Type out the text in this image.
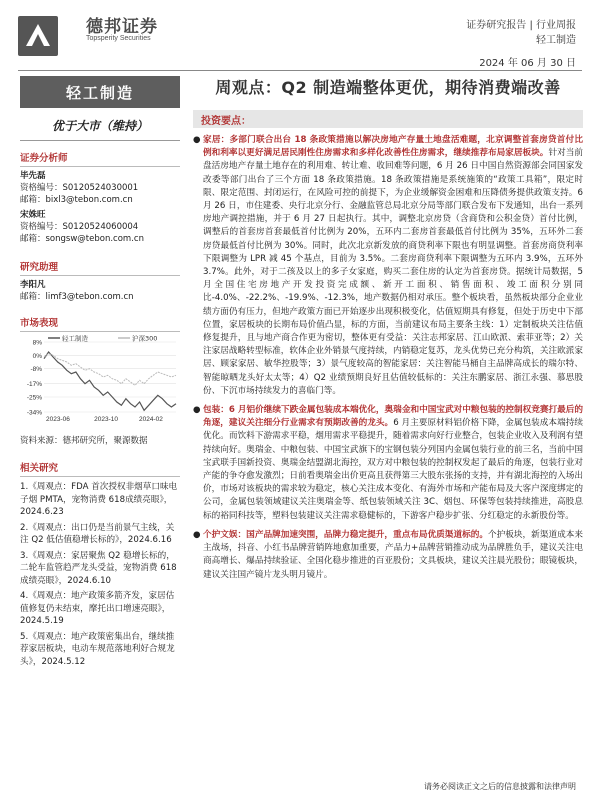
德邦证券
Topsperity Securities
证券研究报告 | 行业周报
轻工制造
2024 年 06 月 30 日
轻工制造
优于大市（维持）
证券分析师
毕先磊
资格编号：S0120524030001
邮箱：bixl3@tebon.com.cn
宋姝旺
资格编号：S0120524060004
邮箱：songsw@tebon.com.cn
研究助理
李阳凡
邮箱：limf3@tebon.com.cn
市场表现
8%
0%
-8%
-17%
-25%
-34%
2023-06	2023-10	2024-02
轻工制造	沪深300
资料来源：德邦研究所，聚源数据
相关研究
1.《周观点：FDA 首次授权非烟草口味电子烟 PMTA，宠物消费 618成绩亮眼》，2024.6.23
2.《周观点：出口仍是当前景气主线，关注 Q2 低估值稳增长标的》，2024.6.16
3.《周观点：家居聚焦 Q2 稳增长标的，二轮车监管趋严龙头受益，宠物消费 618 成绩亮眼》，2024.6.10
4.《周观点：地产政策多箭齐发，家居估值修复仍未结束，摩托出口增速亮眼》，2024.5.19
5.《周观点：地产政策密集出台，继续推荐家居板块，电动车规范落地利好合规龙头》，2024.5.12
周观点：Q2 制造端整体更优，期待消费端改善
投资要点：
● 家居：多部门联合出台 18 条政策措施以解决房地产存量土地盘活难题，北京调整首套房贷首付比例和利率以更好满足居民刚性住房需求和多样化改善性住房需求，继续推荐布局家居板块。针对当前盘活房地产存量土地存在的利用难、转让难、收回难等问题，6 月 26 日中国自然资源部会同国家发改委等部门出台了三个方面 18 条政策措施。18 条政策措施是系统施策的“政策工具箱”，限定时限、限定范围、封闭运行，在风险可控的前提下，为企业缓解资金困难和压降债务提供政策支持。6 月 26 日，市住建委、央行北京分行、金融监管总局北京分局等部门联合发布下发通知，出台一系列房地产调控措施，并于 6 月 27 日起执行。其中，调整北京房贷（含商贷和公积金贷）首付比例，调整后的首套房首套最低首付比例为 20%，五环内二套房首套最低首付比例为 35%，五环外二套房贷最低首付比例为 30%。同时，此次北京新发放的商贷利率下限也有明显调整。首套房商贷利率下限调整为 LPR 减 45 个基点，目前为 3.5%。二套房商贷利率下限调整为五环内 3.9%，五环外 3.7%。此外，对于二孩及以上的多子女家庭，购买二套住房的认定为首套房贷。据统计局数据，5 月全国住宅房地产开发投资完成额、新开工面积、销售面积、竣工面积分别同比-4.0%、-22.2%、-19.9%、-12.3%，地产数据仍相对承压。整个板块看，虽然板块部分企业业绩方面仍有压力，但地产政策方面已开始逐步出现积极变化，估值短期具有修复，但处于历史中下部位置，家居板块的长期布局价值凸显，标的方面，当前建议布局主要条主线：1）定制板块关注估值修复提升，且与地产商合作更为密切，整体更有受益：关注志邦家居、江山欧派、索菲亚等；2）关注家居战略转型标准，软体企业外销景气度持续，内销稳定复苏，龙头优势已充分构筑，关注欧派家居、顾家家居、敏华控股等；3）景气度较高的智能家居：关注智能马桶自主品牌高成长的瑞尔特、智能晾晒龙头好太太等；4）Q2 业绩预期良好且估值较低标的：关注东鹏家居、浙江永强、慕思股份、下沉市场持续发力的喜临门等。
● 包装：6 月铝价继续下跌金属包装成本端优化，奥瑞金和中国宝武对中粮包装的控制权竞赛打最后的角逐，建议关注细分行业需求有预期改善的龙头。6 月主要原材料铝价格下降，金属包装成本端持续优化。而饮料下游需求平稳，烟用需求平稳提升，随着需求向好行业整合，包装企业收入及利润有望持续向好。奥瑞金、中粮包装、中国宝武旗下的宝钢包装分列国内金属包装行业的前三名，当前中国宝武联手国新投资、奥瑞金结盟湖北海控，双方对中粮包装的控制权发起了最后的角逐，包装行业对产能的争夺愈发激烈；日前看奥瑞金出价更高且获得第三大股东张扬的支持，并有湖北海控的入场出价，市场对该板块的需求较为稳定，核心关注成本变化、有海外市场和产能布局及大客户深度绑定的公司，金属包装领域建议关注奥瑞金等、纸包装领域关注 3C、烟包、环保等包装持续推进，高股息标的裕同科技等，塑料包装建议关注需求稳健标的，下游客户稳步扩张、分红稳定的永新股份等。
● 个护文娱：国产品牌加速突围，品牌力稳定提升，重点布局优质渠道标的。个护板块，新渠道成本来主战场，抖音、小红书品牌营销阵地愈加重要，产品力+品牌营销推动成为品牌胜负手，建议关注电商高增长、爆品持续验证、全国化稳步推进的百亚股份；文具板块，建议关注晨光股份；眼镜板块，建议关注国产镜片龙头明月镜片。
请务必阅读正文之后的信息披露和法律声明
